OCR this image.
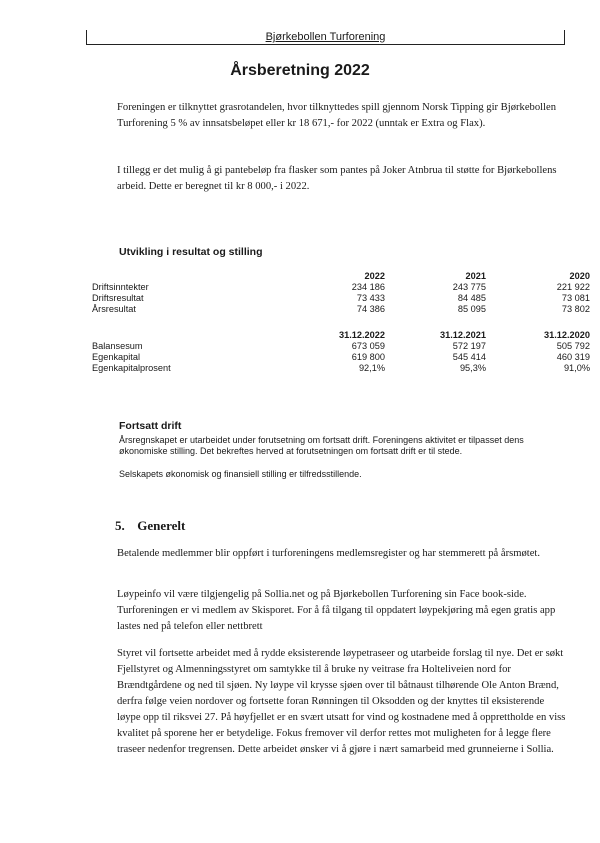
Bjørkebollen Turforening
Årsberetning 2022

Foreningen er tilknyttet grasrotandelen, hvor tilknyttedes spill gjennom Norsk Tipping gir Bjørkebollen Turforening 5 % av innsatsbeløpet eller kr 18 671,- for 2022 (unntak er Extra og Flax).

I tillegg er det mulig å gi pantebeløp fra flasker som pantes på Joker Atnbrua til støtte for Bjørkebollens arbeid. Dette er beregnet til kr 8 000,- i 2022.

Utvikling i resultat og stilling
	2022	2021	2020
Driftsinntekter	234 186	243 775	221 922
Driftsresultat	73 433	84 485	73 081
Årsresultat	74 386	85 095	73 802
	31.12.2022	31.12.2021	31.12.2020
Balansesum	673 059	572 197	505 792
Egenkapital	619 800	545 414	460 319
Egenkapitalprosent	92,1%	95,3%	91,0%
Fortsatt drift

Årsregnskapet er utarbeidet under forutsetning om fortsatt drift. Foreningens aktivitet er tilpasset dens økonomiske stilling. Det bekreftes herved at forutsetningen om fortsatt drift er til stede.

Selskapets økonomisk og finansiell stilling er tilfredsstillende.

5. Generelt

Betalende medlemmer blir oppført i turforeningens medlemsregister og har stemmerett på årsmøtet.

Løypeinfo vil være tilgjengelig på Sollia.net og på Bjørkebollen Turforening sin Face book-side. Turforeningen er vi medlem av Skisporet. For å få tilgang til oppdatert løypekjøring må egen gratis app lastes ned på telefon eller nettbrett

Styret vil fortsette arbeidet med å rydde eksisterende løypetraseer og utarbeide forslag til nye. Det er søkt Fjellstyret og Almenningsstyret om samtykke til å bruke ny veitrase fra Holteliveien nord for Brændtgårdene og ned til sjøen. Ny løype vil krysse sjøen over til båtnaust tilhørende Ole Anton Brænd, derfra følge veien nordover og fortsette foran Rønningen til Oksodden og der knyttes til eksisterende løype opp til riksvei 27. På høyfjellet er en svært utsatt for vind og kostnadene med å opprettholde en viss kvalitet på sporene her er betydelige. Fokus fremover vil derfor rettes mot muligheten for å legge flere traseer nedenfor tregrensen. Dette arbeidet ønsker vi å gjøre i nært samarbeid med grunneierne i Sollia.
